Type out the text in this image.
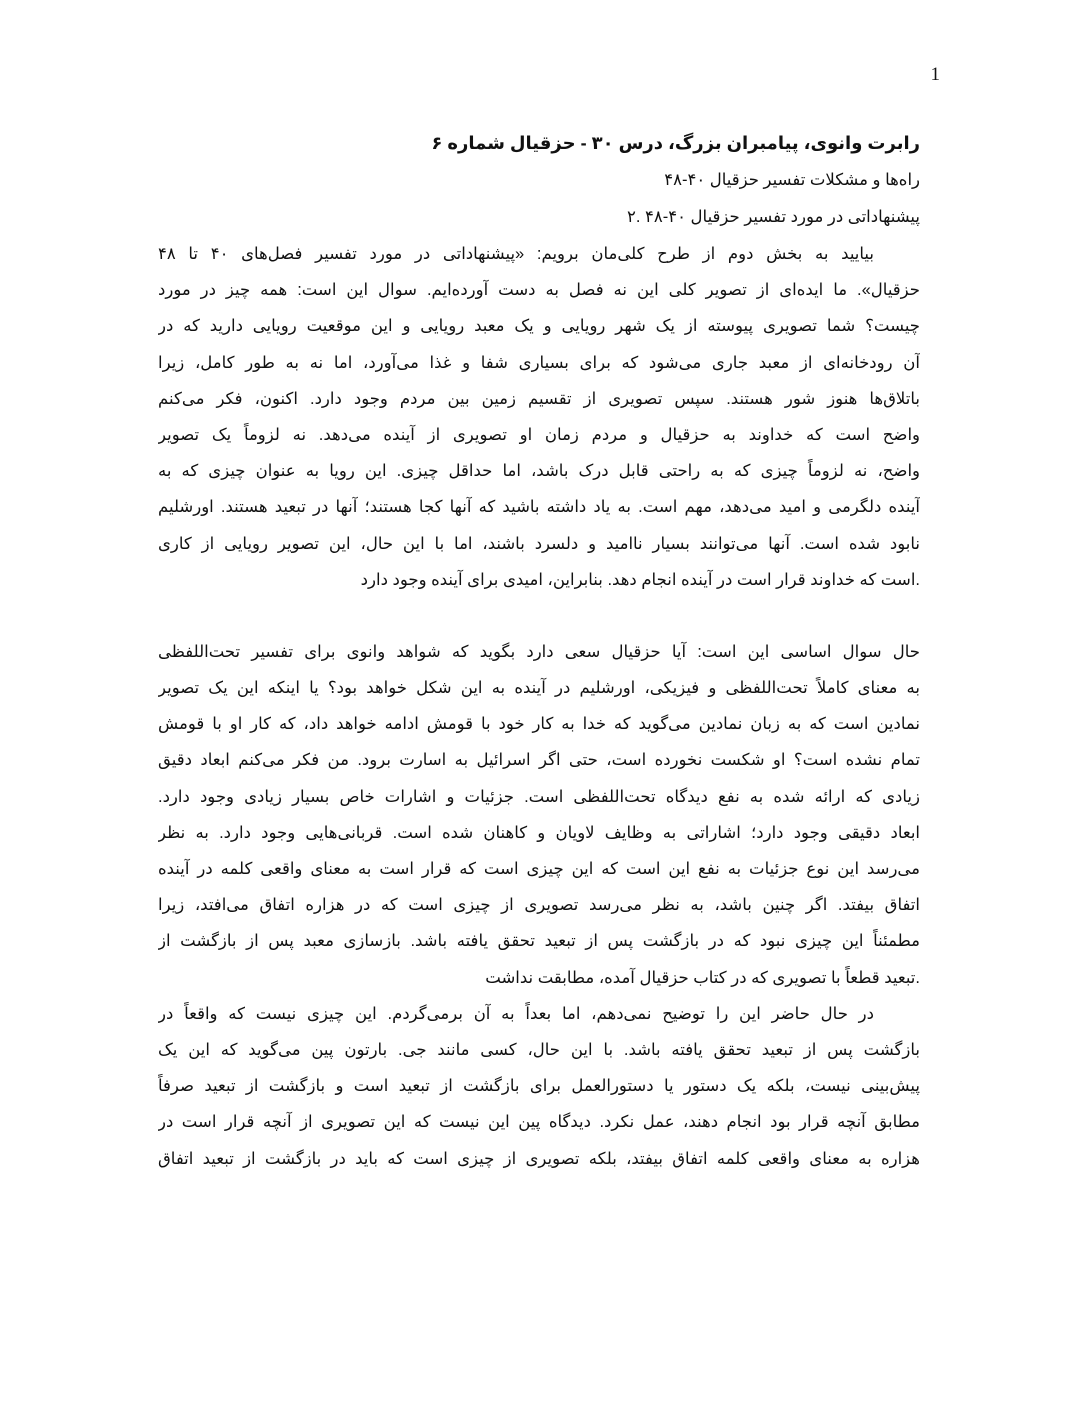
1
رابرت وانوی، پیامبران بزرگ، درس ۳۰ - حزقیال شماره ۶
راه‌ها و مشکلات تفسیر حزقیال ۴۰-۴۸
پیشنهاداتی در مورد تفسیر حزقیال ۴۰-۴۸ .۲
بیایید به بخش دوم از طرح کلی‌مان برویم: «پیشنهاداتی در مورد تفسیر فصل‌های ۴۰ تا ۴۸
حزقیال». ما ایده‌ای از تصویر کلی این نه فصل به دست آورده‌ایم. سوال این است: همه چیز در مورد
چیست؟ شما تصویری پیوسته از یک شهر رویایی و یک معبد رویایی و این موقعیت رویایی دارید که در
آن رودخانه‌ای از معبد جاری می‌شود که برای بسیاری شفا و غذا می‌آورد، اما نه به طور کامل، زیرا
باتلاق‌ها هنوز شور هستند. سپس تصویری از تقسیم زمین بین مردم وجود دارد. اکنون، فکر می‌کنم
واضح است که خداوند به حزقیال و مردم زمان او تصویری از آینده می‌دهد. نه لزوماً یک تصویر
واضح، نه لزوماً چیزی که به راحتی قابل درک باشد، اما حداقل چیزی. این رویا به عنوان چیزی که به
آینده دلگرمی و امید می‌دهد، مهم است. به یاد داشته باشید که آنها کجا هستند؛ آنها در تبعید هستند. اورشلیم
نابود شده است. آنها می‌توانند بسیار ناامید و دلسرد باشند، اما با این حال، این تصویر رویایی از کاری
.است که خداوند قرار است در آینده انجام دهد. بنابراین، امیدی برای آینده وجود دارد
حال سوال اساسی این است: آیا حزقیال سعی دارد بگوید که شواهد وانوی برای تفسیر تحت‌اللفظی
به معنای کاملاً تحت‌اللفظی و فیزیکی، اورشلیم در آینده به این شکل خواهد بود؟ یا اینکه این یک تصویر
نمادین است که به زبان نمادین می‌گوید که خدا به کار خود با قومش ادامه خواهد داد، که کار او با قومش
تمام نشده است؟ او شکست نخورده است، حتی اگر اسرائیل به اسارت برود. من فکر می‌کنم ابعاد دقیق
زیادی که ارائه شده به نفع دیدگاه تحت‌اللفظی است. جزئیات و اشارات خاص بسیار زیادی وجود دارد.
ابعاد دقیقی وجود دارد؛ اشاراتی به وظایف لاویان و کاهنان شده است. قربانی‌هایی وجود دارد. به نظر
می‌رسد این نوع جزئیات به نفع این است که این چیزی است که قرار است به معنای واقعی کلمه در آینده
اتفاق بیفتد. اگر چنین باشد، به نظر می‌رسد تصویری از چیزی است که در هزاره اتفاق می‌افتد، زیرا
مطمئناً این چیزی نبود که در بازگشت پس از تبعید تحقق یافته باشد. بازسازی معبد پس از بازگشت از
.تبعید قطعاً با تصویری که در کتاب حزقیال آمده، مطابقت نداشت
در حال حاضر این را توضیح نمی‌دهم، اما بعداً به آن برمی‌گردم. این چیزی نیست که واقعاً در
بازگشت پس از تبعید تحقق یافته باشد. با این حال، کسی مانند جی. بارتون پین می‌گوید که این یک
پیش‌بینی نیست، بلکه یک دستور یا دستورالعمل برای بازگشت از تبعید است و بازگشت از تبعید صرفاً
مطابق آنچه قرار بود انجام دهند، عمل نکرد. دیدگاه پین این نیست که این تصویری از آنچه قرار است در
هزاره به معنای واقعی کلمه اتفاق بیفتد، بلکه تصویری از چیزی است که باید در بازگشت از تبعید اتفاق
